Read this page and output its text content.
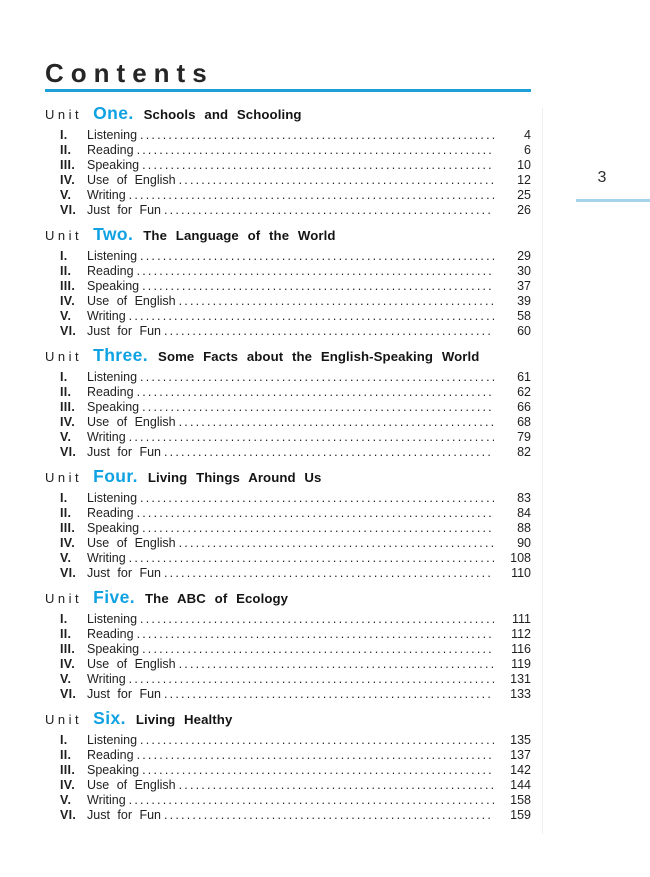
3
Contents
Unit One. Schools and Schooling
I.	Listening .....	4
II.	Reading .....	6
III. Speaking .....	10
IV. Use of English .....	12
V.	Writing .....	25
VI. Just for Fun .....	26
Unit Two. The Language of the World
I.	Listening .....	29
II.	Reading .....	30
III. Speaking .....	37
IV. Use of English .....	39
V.	Writing .....	58
VI. Just for Fun .....	60
Unit Three. Some Facts about the English-Speaking World
I.	Listening .....	61
II.	Reading .....	62
III. Speaking .....	66
IV. Use of English .....	68
V.	Writing .....	79
VI. Just for Fun .....	82
Unit Four. Living Things Around Us
I.	Listening .....	83
II.	Reading .....	84
III. Speaking .....	88
IV. Use of English .....	90
V.	Writing .....	108
VI. Just for Fun .....	110
Unit Five. The ABC of Ecology
I.	Listening .....	111
II.	Reading .....	112
III. Speaking .....	116
IV. Use of English .....	119
V.	Writing .....	131
VI. Just for Fun .....	133
Unit Six. Living Healthy
I.	Listening .....	135
II.	Reading .....	137
III. Speaking .....	142
IV. Use of English .....	144
V.	Writing .....	158
VI. Just for Fun .....	159
